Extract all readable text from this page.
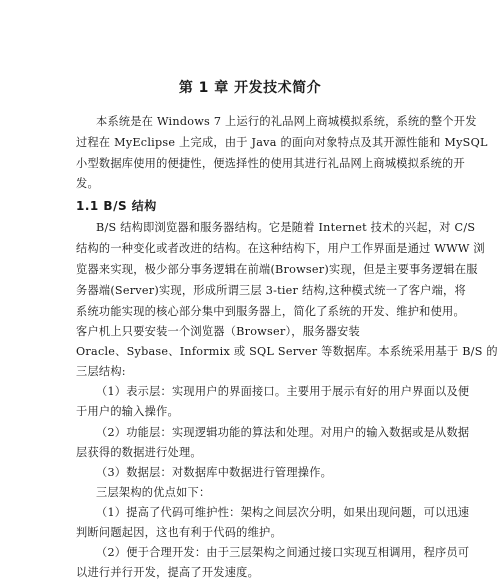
第 1 章 开发技术简介
本系统是在 Windows 7 上运行的礼品网上商城模拟系统，系统的整个开发
过程在 MyEclipse 上完成，由于 Java 的面向对象特点及其开源性能和 MySQL
小型数据库使用的便捷性，便选择性的使用其进行礼品网上商城模拟系统的开
发。
1.1 B/S 结构
B/S 结构即浏览器和服务器结构。它是随着 Internet 技术的兴起，对 C/S
结构的一种变化或者改进的结构。在这种结构下，用户工作界面是通过 WWW 浏
览器来实现，极少部分事务逻辑在前端(Browser)实现，但是主要事务逻辑在服
务器端(Server)实现，形成所谓三层 3-tier 结构,这种模式统一了客户端，将
系统功能实现的核心部分集中到服务器上，简化了系统的开发、维护和使用。
客户机上只要安装一个浏览器（Browser），服务器安装
Oracle、Sybase、Informix 或 SQL Server 等数据库。本系统采用基于 B/S 的
三层结构:
（1）表示层：实现用户的界面接口。主要用于展示有好的用户界面以及便
于用户的输入操作。
（2）功能层：实现逻辑功能的算法和处理。对用户的输入数据或是从数据
层获得的数据进行处理。
（3）数据层：对数据库中数据进行管理操作。
三层架构的优点如下：
（1）提高了代码可维护性：架构之间层次分明，如果出现问题，可以迅速
判断问题起因，这也有利于代码的维护。
（2）便于合理开发：由于三层架构之间通过接口实现互相调用，程序员可
以进行并行开发，提高了开发速度。
